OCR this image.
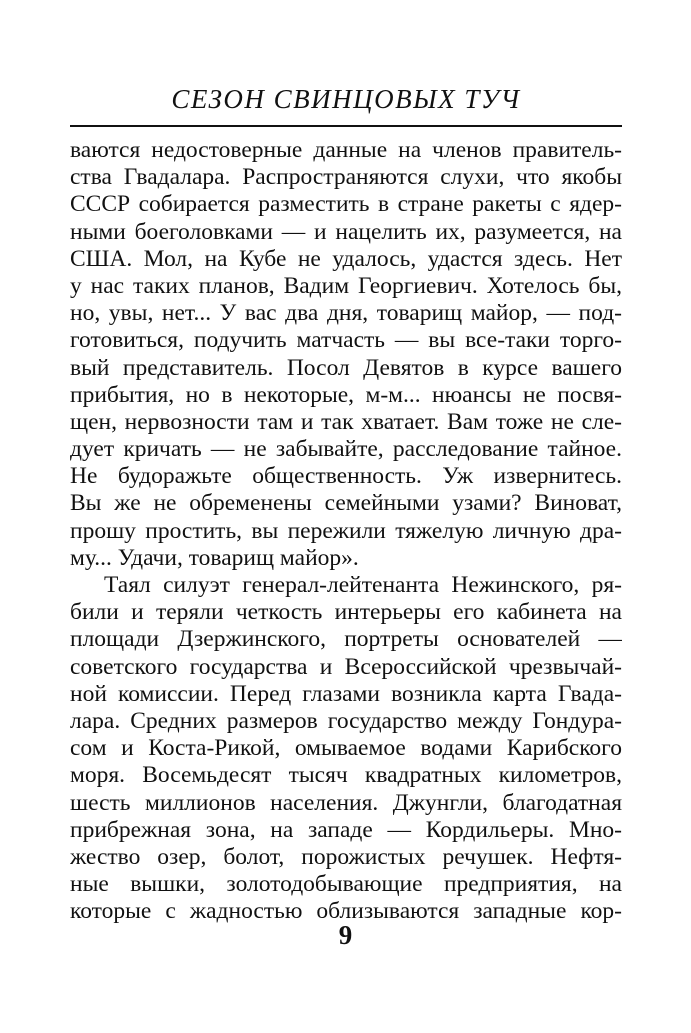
СЕЗОН СВИНЦОВЫХ ТУЧ
ваются недостоверные данные на членов правитель-
ства Гвадалара. Распространяются слухи, что якобы
СССР собирается разместить в стране ракеты с ядер-
ными боеголовками — и нацелить их, разумеется, на
США. Мол, на Кубе не удалось, удастся здесь. Нет
у нас таких планов, Вадим Георгиевич. Хотелось бы,
но, увы, нет... У вас два дня, товарищ майор, — под-
готовиться, подучить матчасть — вы все-таки торго-
вый представитель. Посол Девятов в курсе вашего
прибытия, но в некоторые, м-м... нюансы не посвя-
щен, нервозности там и так хватает. Вам тоже не сле-
дует кричать — не забывайте, расследование тайное.
Не будоражьте общественность. Уж извернитесь.
Вы же не обременены семейными узами? Виноват,
прошу простить, вы пережили тяжелую личную дра-
му... Удачи, товарищ майор».
Таял силуэт генерал-лейтенанта Нежинского, ря-
били и теряли четкость интерьеры его кабинета на
площади Дзержинского, портреты основателей —
советского государства и Всероссийской чрезвычай-
ной комиссии. Перед глазами возникла карта Гвада-
лара. Средних размеров государство между Гондура-
сом и Коста-Рикой, омываемое водами Карибского
моря. Восемьдесят тысяч квадратных километров,
шесть миллионов населения. Джунгли, благодатная
прибрежная зона, на западе — Кордильеры. Мно-
жество озер, болот, порожистых речушек. Нефтя-
ные вышки, золотодобывающие предприятия, на
которые с жадностью облизываются западные кор-
9
